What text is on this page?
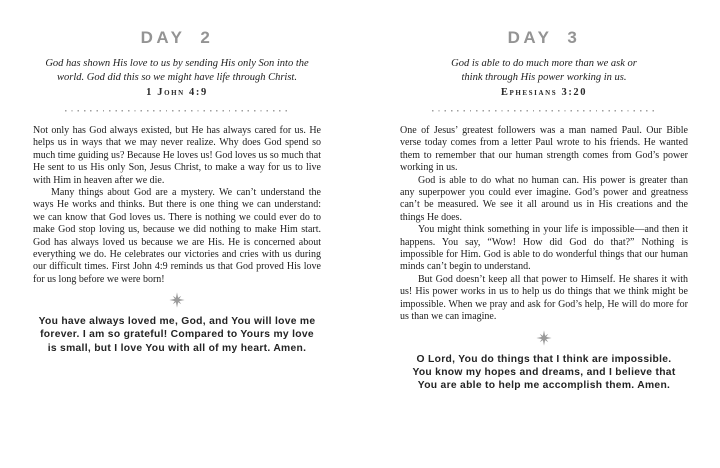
DAY 2
God has shown His love to us by sending His only Son into the
world. God did this so we might have life through Christ.
1 John 4:9

Not only has God always existed, but He has always cared for us. He helps us in ways that we may never realize. Why does God spend so much time guiding us? Because He loves us! God loves us so much that He sent to us His only Son, Jesus Christ, to make a way for us to live with Him in heaven after we die.

Many things about God are a mystery. We can’t understand the ways He works and thinks. But there is one thing we can understand: we can know that God loves us. There is nothing we could ever do to make God stop loving us, because we did nothing to make Him start. God has always loved us because we are His. He is concerned about everything we do. He celebrates our victories and cries with us during our difficult times. First John 4:9 reminds us that God proved His love for us long before we were born!

You have always loved me, God, and You will love me
forever. I am so grateful! Compared to Yours my love
is small, but I love You with all of my heart. Amen.
DAY 3
God is able to do much more than we ask or
think through His power working in us.
Ephesians 3:20

One of Jesus’ greatest followers was a man named Paul. Our Bible verse today comes from a letter Paul wrote to his friends. He wanted them to remember that our human strength comes from God’s power working in us.

God is able to do what no human can. His power is greater than any superpower you could ever imagine. God’s power and greatness can’t be measured. We see it all around us in His creations and the things He does.

You might think something in your life is impossible—and then it happens. You say, “Wow! How did God do that?” Nothing is impossible for Him. God is able to do wonderful things that our human minds can’t begin to understand.

But God doesn’t keep all that power to Himself. He shares it with us! His power works in us to help us do things that we think might be impossible. When we pray and ask for God’s help, He will do more for us than we can imagine.

O Lord, You do things that I think are impossible.
You know my hopes and dreams, and I believe that
You are able to help me accomplish them. Amen.
